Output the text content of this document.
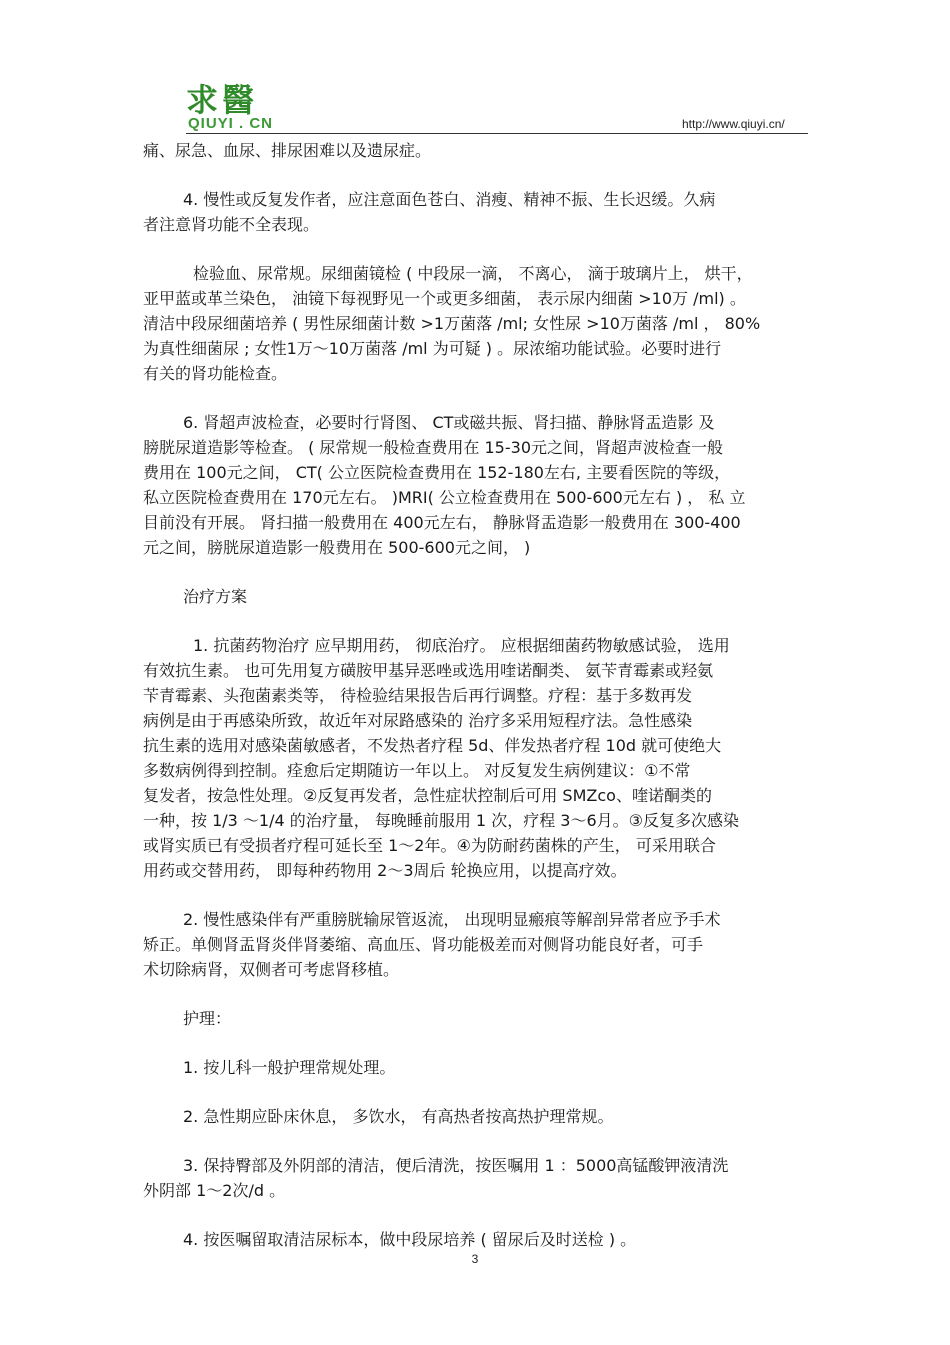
求醫
QIUYI . CN	http://www.qiuyi.cn/
痛、尿急、血尿、排尿困难以及遗尿症。
4. 慢性或反复发作者，应注意面色苍白、消瘦、精神不振、生长迟缓。久病
者注意肾功能不全表现。
检验血、尿常规。尿细菌镜检 ( 中段尿一滴， 不离心， 滴于玻璃片上， 烘干，
亚甲蓝或革兰染色， 油镜下每视野见一个或更多细菌， 表示尿内细菌 >10万 /ml) 。
清洁中段尿细菌培养 ( 男性尿细菌计数 >1万菌落 /ml; 女性尿 >10万菌落 /ml ， 80%
为真性细菌尿 ; 女性1万～10万菌落 /ml 为可疑 ) 。尿浓缩功能试验。必要时进行
有关的肾功能检查。
6. 肾超声波检查，必要时行肾图、 CT或磁共振、肾扫描、静脉肾盂造影 及
膀胱尿道造影等检查。 ( 尿常规一般检查费用在 15-30元之间，肾超声波检查一般
费用在 100元之间， CT( 公立医院检查费用在 152-180左右, 主要看医院的等级，
私立医院检查费用在 170元左右。 )MRI( 公立检查费用在 500-600元左右 ) ， 私 立
目前没有开展。 肾扫描一般费用在 400元左右， 静脉肾盂造影一般费用在 300-400
元之间，膀胱尿道造影一般费用在 500-600元之间， )
治疗方案
1. 抗菌药物治疗 应早期用药， 彻底治疗。 应根据细菌药物敏感试验， 选用
有效抗生素。 也可先用复方磺胺甲基异恶唑或选用喹诺酮类、 氨苄青霉素或羟氨
苄青霉素、头孢菌素类等， 待检验结果报告后再行调整。疗程：基于多数再发
病例是由于再感染所致，故近年对尿路感染的 治疗多采用短程疗法。急性感染
抗生素的选用对感染菌敏感者，不发热者疗程 5d、伴发热者疗程 10d 就可使绝大
多数病例得到控制。痊愈后定期随访一年以上。 对反复发生病例建议：①不常
复发者，按急性处理。②反复再发者，急性症状控制后可用 SMZco、喹诺酮类的
一种，按 1/3 ～1/4 的治疗量， 每晚睡前服用 1 次，疗程 3～6月。③反复多次感染
或肾实质已有受损者疗程可延长至 1～2年。④为防耐药菌株的产生， 可采用联合
用药或交替用药， 即每种药物用 2～3周后 轮换应用，以提高疗效。
2. 慢性感染伴有严重膀胱输尿管返流， 出现明显瘢痕等解剖异常者应予手术
矫正。单侧肾盂肾炎伴肾萎缩、高血压、肾功能极差而对侧肾功能良好者，可手
术切除病肾，双侧者可考虑肾移植。
护理：
1. 按儿科一般护理常规处理。
2. 急性期应卧床休息， 多饮水， 有高热者按高热护理常规。
3. 保持臀部及外阴部的清洁，便后清洗，按医嘱用 1 ：5000高锰酸钾液清洗
外阴部 1～2次/d 。
4. 按医嘱留取清洁尿标本，做中段尿培养 ( 留尿后及时送检 ) 。
3
